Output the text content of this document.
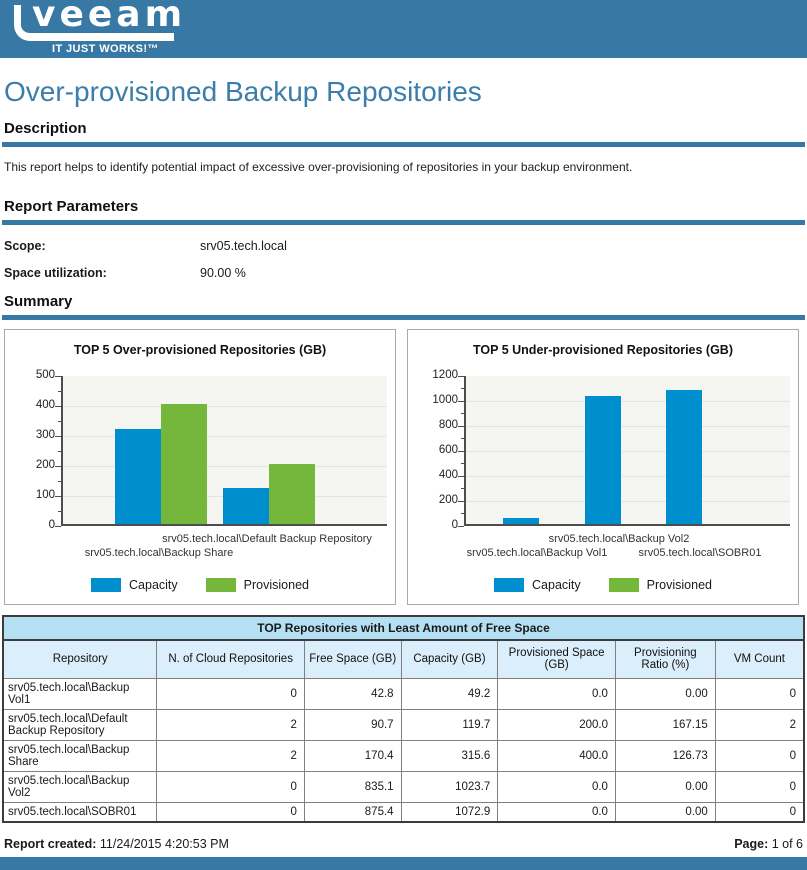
veeam
IT JUST WORKS!™
Over-provisioned Backup Repositories
Description

This report helps to identify potential impact of excessive over-provisioning of repositories in your backup environment.

Report Parameters
Scope:	srv05.tech.local
Space utilization:	90.00 %
Summary
TOP 5 Over-provisioned Repositories (GB)
0
100
200
300
400
500
srv05.tech.local\Backup Share
srv05.tech.local\Default Backup Repository
Capacity	Provisioned
TOP 5 Under-provisioned Repositories (GB)
0
200
400
600
800
1000
1200
srv05.tech.local\Backup Vol1
srv05.tech.local\Backup Vol2
srv05.tech.local\SOBR01
Capacity	Provisioned
TOP Repositories with Least Amount of Free Space						
Repository	N. of Cloud Repositories	Free Space (GB)	Capacity (GB)	Provisioned Space (GB)	Provisioning Ratio (%)	VM Count
srv05.tech.local\Backup Vol1	0	42.8	49.2	0.0	0.00	0
srv05.tech.local\Default Backup Repository	2	90.7	119.7	200.0	167.15	2
srv05.tech.local\Backup Share	2	170.4	315.6	400.0	126.73	0
srv05.tech.local\Backup Vol2	0	835.1	1023.7	0.0	0.00	0
srv05.tech.local\SOBR01	0	875.4	1072.9	0.0	0.00	0
Report created: 11/24/2015 4:20:53 PM	Page: 1 of 6
